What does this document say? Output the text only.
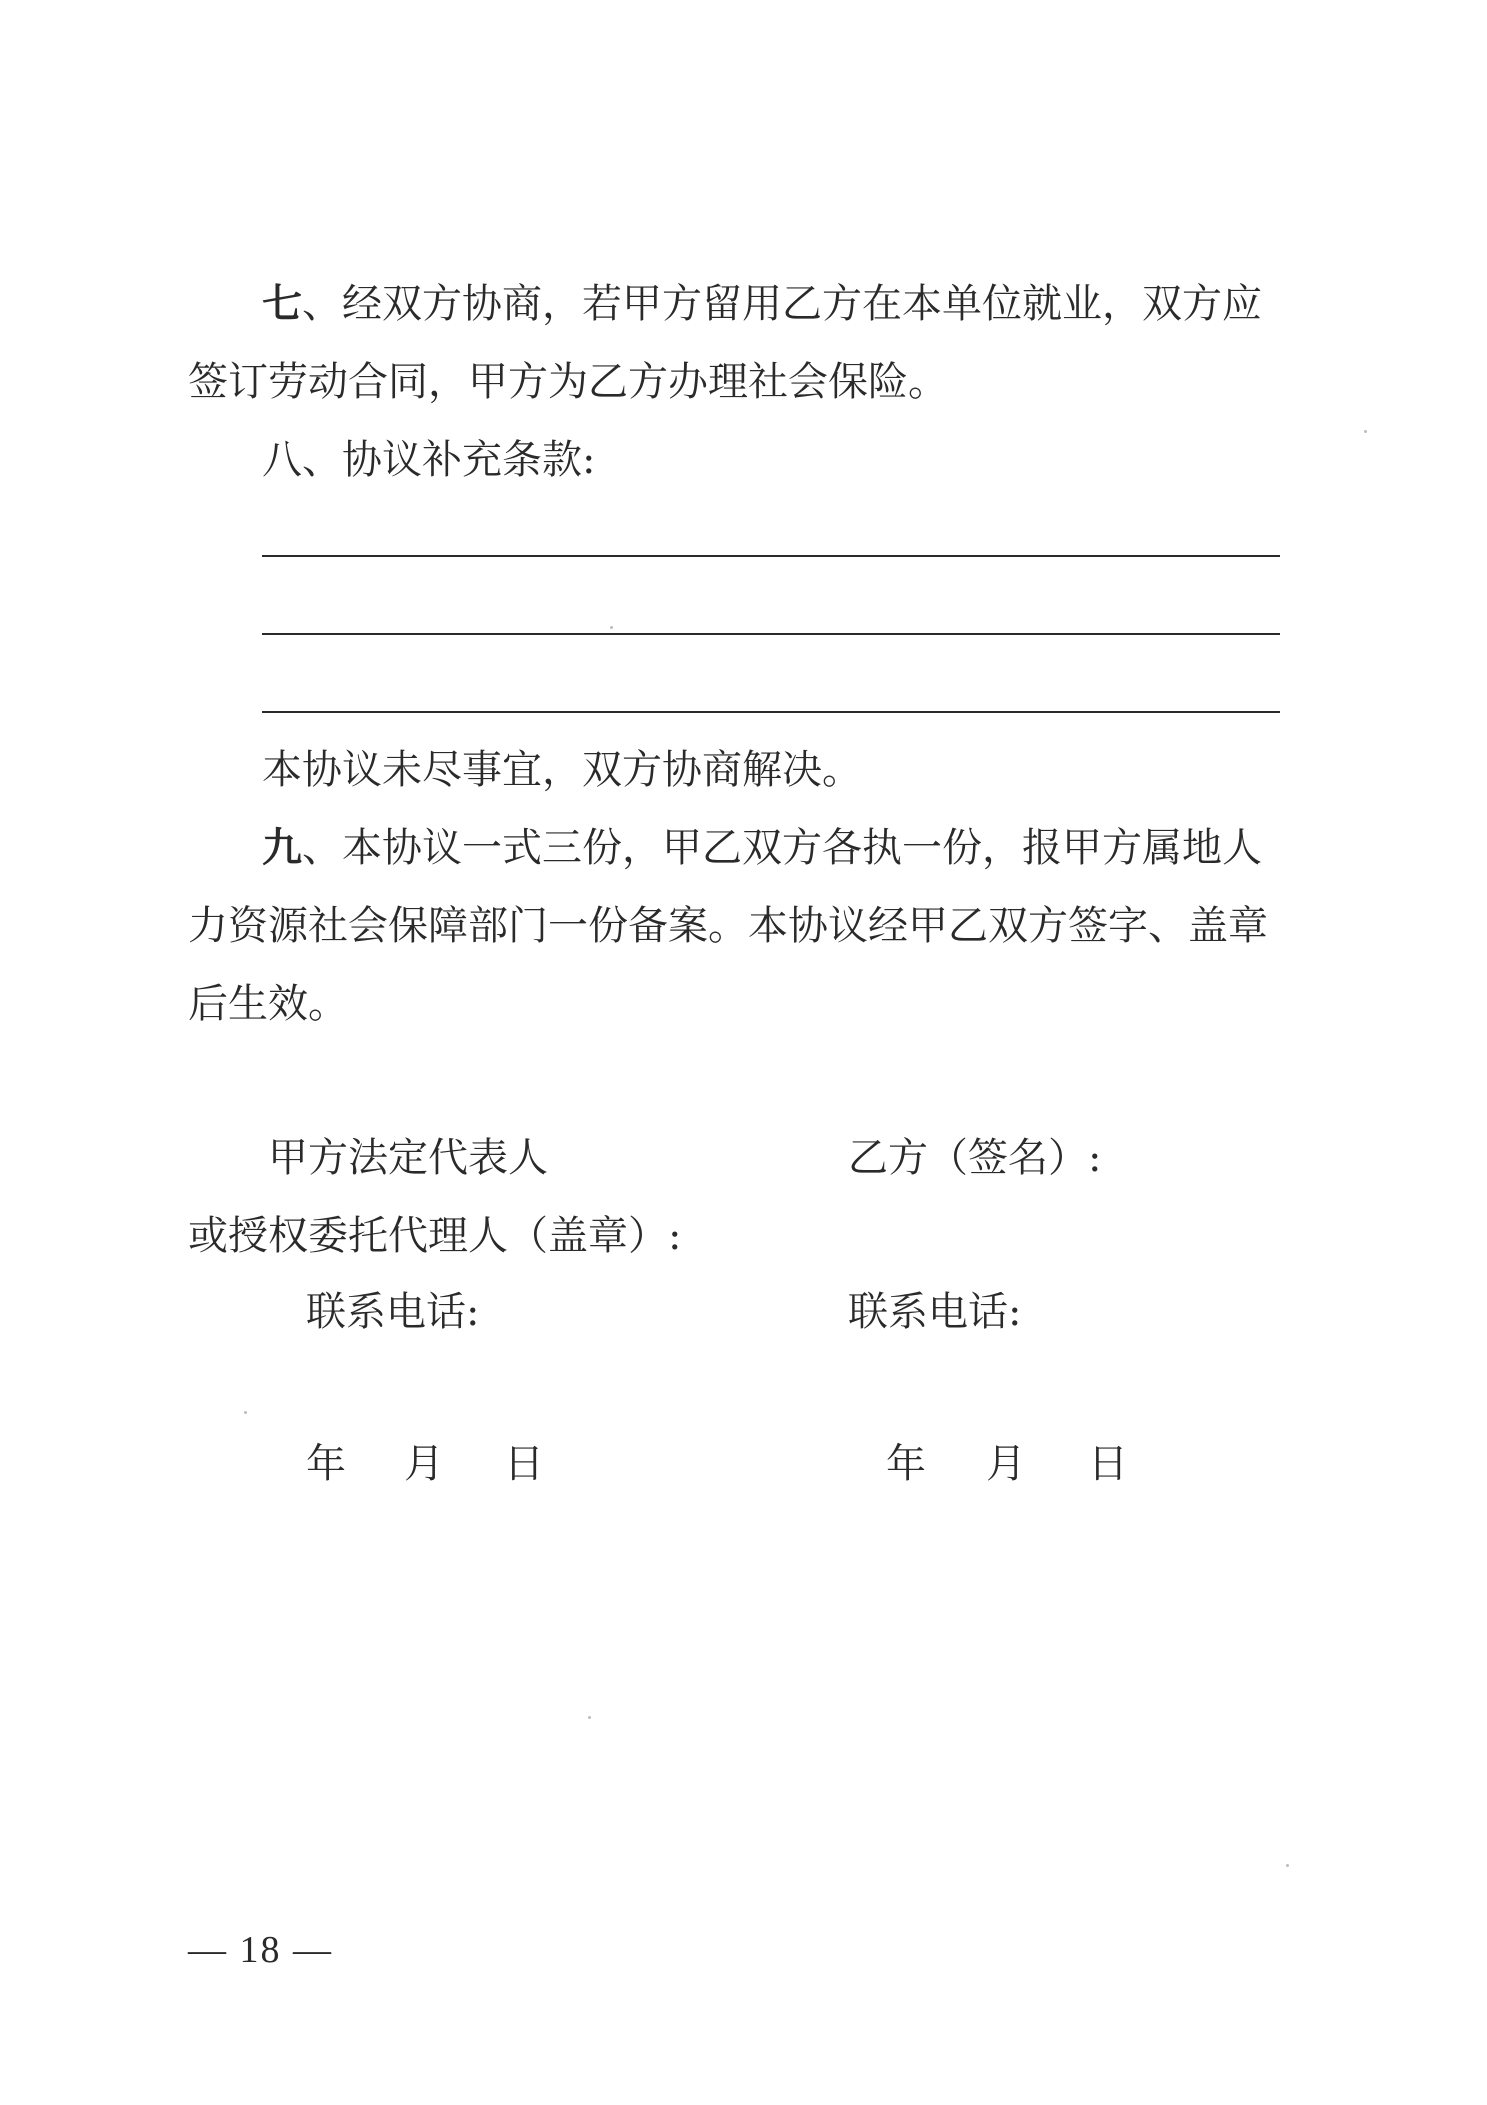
七、经双方协商，若甲方留用乙方在本单位就业，双方应
签订劳动合同，甲方为乙方办理社会保险。
八、协议补充条款:
本协议未尽事宜，双方协商解决。
九、本协议一式三份，甲乙双方各执一份，报甲方属地人
力资源社会保障部门一份备案。本协议经甲乙双方签字、盖章
后生效。
甲方法定代表人	乙方（签名）:
或授权委托代理人（盖章）:
联系电话:	联系电话:
年 月 日	年 月 日
— 18 —
